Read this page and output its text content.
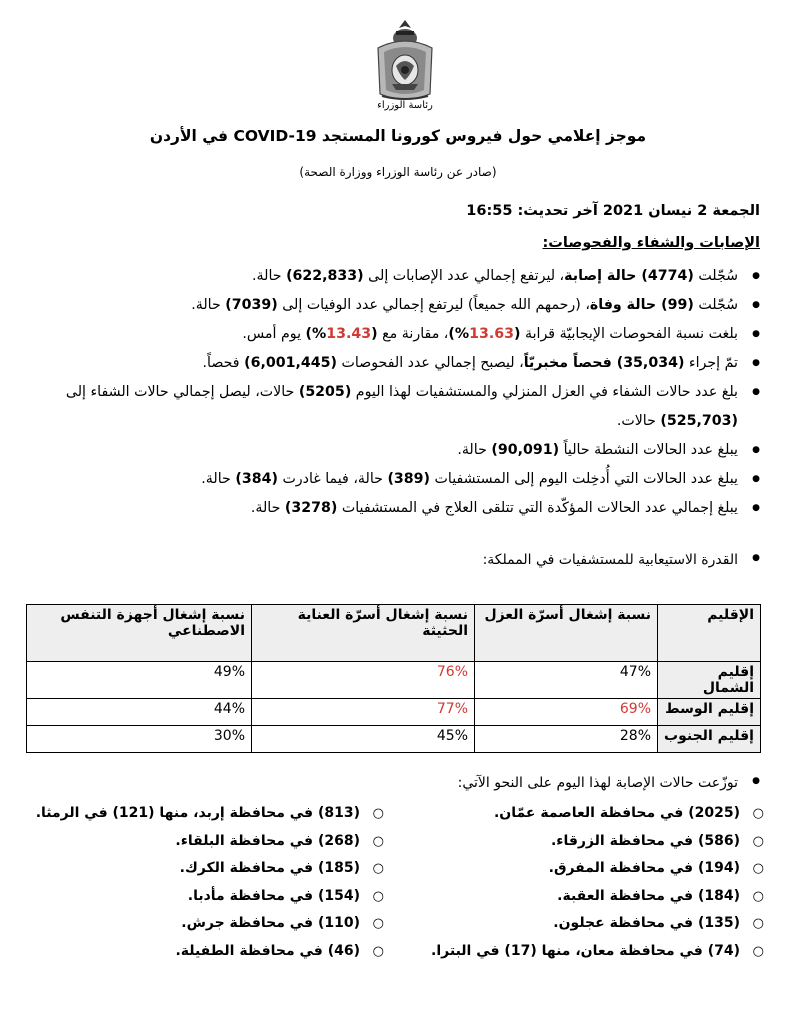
رئاسة الوزراء
موجز إعلامي حول فيروس كورونا المستجد COVID-19 في الأردن
(صادر عن رئاسة الوزراء ووزارة الصحة)
الجمعة 2 نيسان 2021 آخر تحديث: 16:55
الإصابات والشفاء والفحوصات:
● سُجّلت (4774) حالة إصابة، ليرتفع إجمالي عدد الإصابات إلى (622,833) حالة.
● سُجّلت (99) حالة وفاة، (رحمهم الله جميعاً) ليرتفع إجمالي عدد الوفيات إلى (7039) حالة.
● بلغت نسبة الفحوصات الإيجابيّة قرابة (13.63%)، مقارنة مع (13.43%) يوم أمس.
● تمّ إجراء (35,034) فحصاً مخبريّاً، ليصبح إجمالي عدد الفحوصات (6,001,445) فحصاً.
● بلغ عدد حالات الشفاء في العزل المنزلي والمستشفيات لهذا اليوم (5205) حالات، ليصل إجمالي حالات الشفاء إلى (525,703) حالات.
● يبلغ عدد الحالات النشطة حالياً (90,091) حالة.
● يبلغ عدد الحالات التي أُدخِلت اليوم إلى المستشفيات (389) حالة، فيما غادرت (384) حالة.
● يبلغ إجمالي عدد الحالات المؤكّدة التي تتلقى العلاج في المستشفيات (3278) حالة.
● القدرة الاستيعابية للمستشفيات في المملكة:
الإقليم	نسبة إشغال أسرّة العزل	نسبة إشغال أسرّة العناية الحثيثة	نسبة إشغال أجهزة التنفس الاصطناعي
إقليم الشمال	47%	76%	49%
إقليم الوسط	69%	77%	44%
إقليم الجنوب	28%	45%	30%
● توزّعت حالات الإصابة لهذا اليوم على النحو الآتي:
○ (2025) في محافظة العاصمة عمّان.
○ (586) في محافظة الزرقاء.
○ (194) في محافظة المفرق.
○ (184) في محافظة العقبة.
○ (135) في محافظة عجلون.
○ (74) في محافظة معان، منها (17) في البترا.
○ (813) في محافظة إربد، منها (121) في الرمثا.
○ (268) في محافظة البلقاء.
○ (185) في محافظة الكرك.
○ (154) في محافظة مأدبا.
○ (110) في محافظة جرش.
○ (46) في محافظة الطفيلة.
